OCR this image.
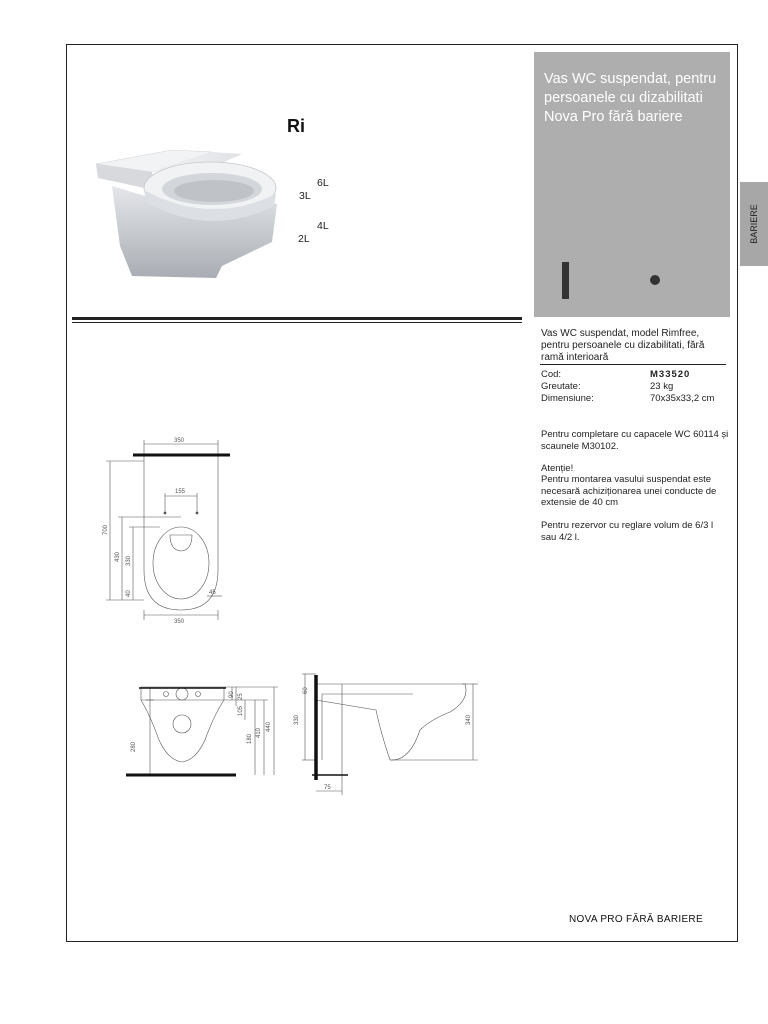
Vas WC suspendat, pentru persoanele cu dizabilitati Nova Pro fără bariere
BARIERE
Ri
6L
3L
4L
2L
Vas WC suspendat, model Rimfree, pentru persoanele cu dizabilitati, fără ramă interioară
Cod:	M33520
Greutate:	23 kg
Dimensiune:	70x35x33,2 cm
Pentru completare cu capacele WC 60114 și scaunele M30102.
Atenție!
Pentru montarea vasului suspendat este necesară achiziționarea unei conducte de extensie de 40 cm
Pentru rezervor cu reglare volum de 6/3 l sau 4/2 l.
350
155
700
430 330
40	45
350
90 25
105
180
410
440
280
60
330	340
75
NOVA PRO FĂRĂ BARIERE
